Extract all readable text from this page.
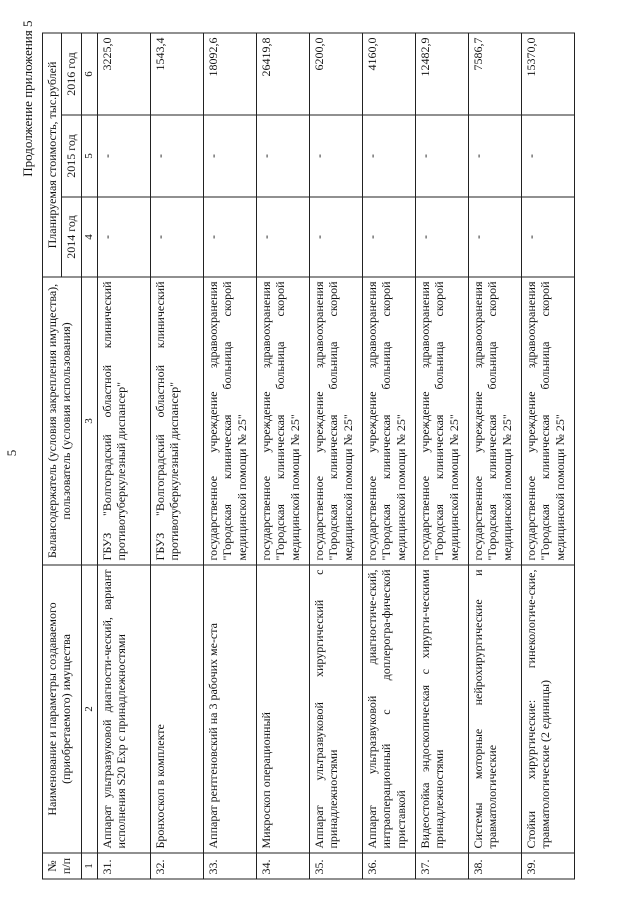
5
Продолжение приложения 5
№ п/п	Наименование и параметры создаваемого (приобретаемого) имущества	Балансодержатель (условия закрепления имущества), пользователь (условия использования)	Планируемая стоимость, тыс.рублей		
			2014 год	2015 год	2016 год
1	2	3	4	5	6
31.	Аппарат ультразвуковой диагности-ческий, вариант исполнения S20 Exp с принадлежностями	ГБУЗ "Волгоградский областной клинический противотуберкулезный диспансер"	-	-	3225,0
32.	Бронхоскоп в комплекте	ГБУЗ "Волгоградский областной клинический противотуберкулезный диспансер"	-	-	1543,4
33.	Аппарат рентгеновский на 3 рабочих ме-ста	государственное учреждение здравоохранения "Городская клиническая больница скорой медицинской помощи № 25"	-	-	18092,6
34.	Микроскоп операционный	государственное учреждение здравоохранения "Городская клиническая больница скорой медицинской помощи № 25"	-	-	26419,8
35.	Аппарат ультразвуковой хирургический с принадлежностями	государственное учреждение здравоохранения "Городская клиническая больница скорой медицинской помощи № 25"	-	-	6200,0
36.	Аппарат ультразвуковой диагностиче-ский, интраоперационный с доплерогра-фической приставкой	государственное учреждение здравоохранения "Городская клиническая больница скорой медицинской помощи № 25"	-	-	4160,0
37.	Видеостойка эндоскопическая с хирурги-ческими принадлежностями	государственное учреждение здравоохранения "Городская клиническая больница скорой медицинской помощи № 25"	-	-	12482,9
38.	Системы моторные нейрохирургические и травматологические	государственное учреждение здравоохранения "Городская клиническая больница скорой медицинской помощи № 25"	-	-	7586,7
39.	Стойки хирургические: гинекологиче-ские, травматологические (2 единицы)	государственное учреждение здравоохранения "Городская клиническая больница скорой медицинской помощи № 25"	-	-	15370,0
